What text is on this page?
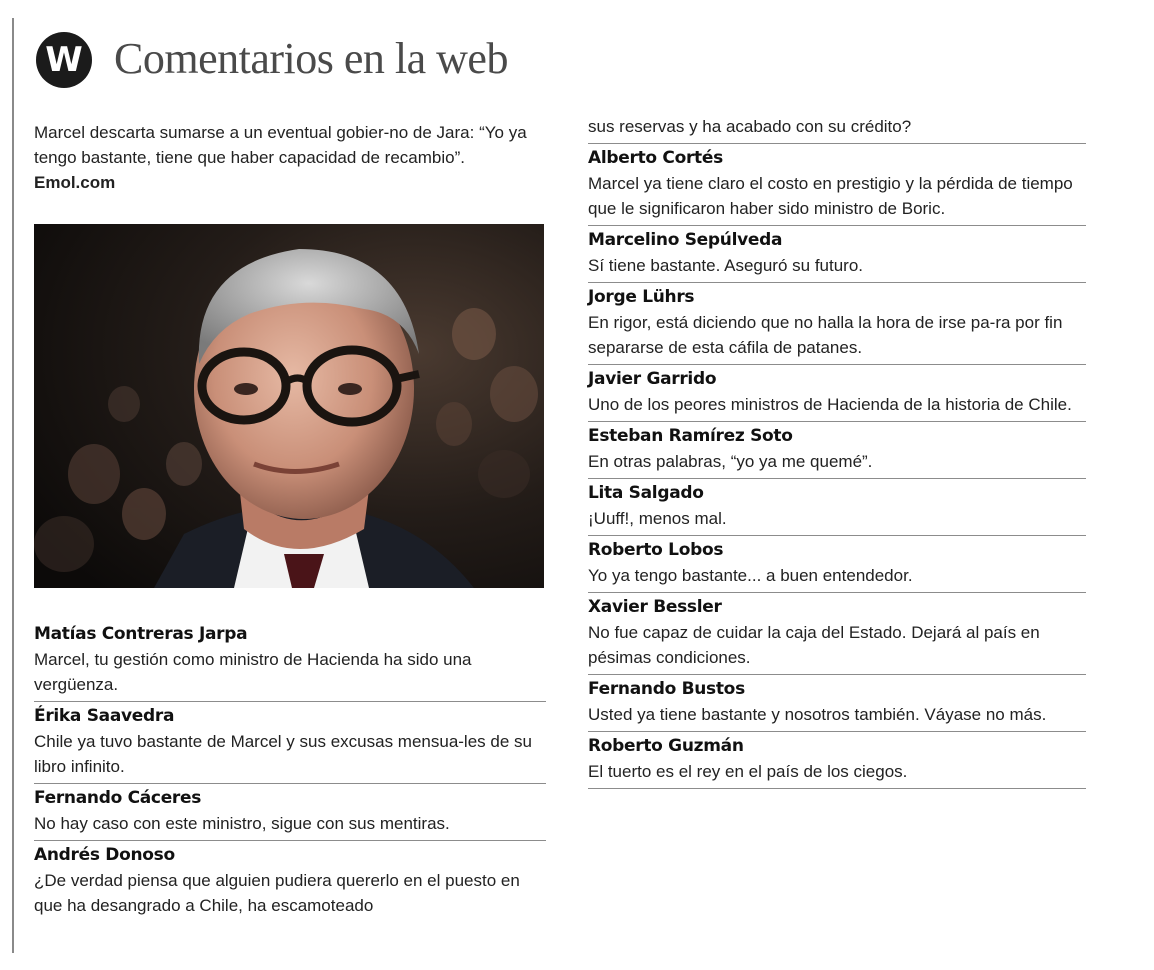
W Comentarios en la web
Marcel descarta sumarse a un eventual gobier-no de Jara: “Yo ya tengo bastante, tiene que haber capacidad de recambio”. Emol.com
Matías Contreras Jarpa
Marcel, tu gestión como ministro de Hacienda ha sido una vergüenza.
Érika Saavedra
Chile ya tuvo bastante de Marcel y sus excusas mensua-les de su libro infinito.
Fernando Cáceres
No hay caso con este ministro, sigue con sus mentiras.
Andrés Donoso
¿De verdad piensa que alguien pudiera quererlo en el puesto en que ha desangrado a Chile, ha escamoteado
sus reservas y ha acabado con su crédito?
Alberto Cortés
Marcel ya tiene claro el costo en prestigio y la pérdida de tiempo que le significaron haber sido ministro de Boric.
Marcelino Sepúlveda
Sí tiene bastante. Aseguró su futuro.
Jorge Lührs
En rigor, está diciendo que no halla la hora de irse pa-ra por fin separarse de esta cáfila de patanes.
Javier Garrido
Uno de los peores ministros de Hacienda de la historia de Chile.
Esteban Ramírez Soto
En otras palabras, “yo ya me quemé”.
Lita Salgado
¡Uuff!, menos mal.
Roberto Lobos
Yo ya tengo bastante... a buen entendedor.
Xavier Bessler
No fue capaz de cuidar la caja del Estado. Dejará al país en pésimas condiciones.
Fernando Bustos
Usted ya tiene bastante y nosotros también. Váyase no más.
Roberto Guzmán
El tuerto es el rey en el país de los ciegos.
